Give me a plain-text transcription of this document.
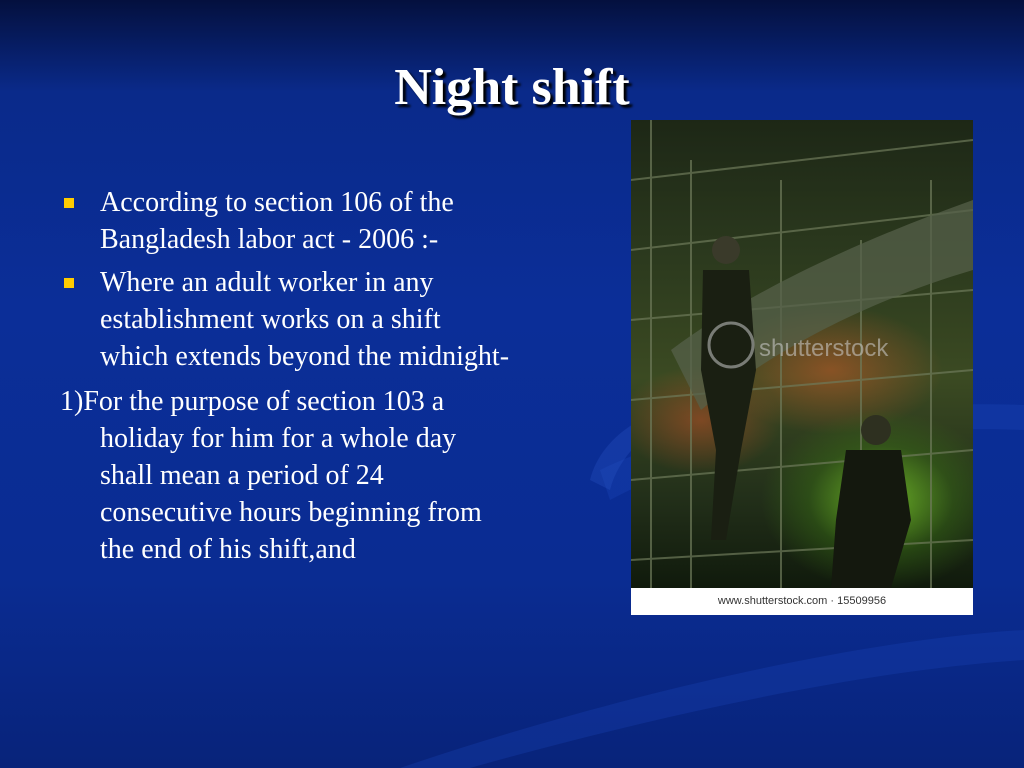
Night shift
According to section 106 of the Bangladesh labor act - 2006 :-
Where an adult worker in any establishment works on a shift which extends beyond the midnight-
1)For the purpose of section 103 a holiday for him for a whole day shall mean a period of 24 consecutive hours beginning from the end of his shift,and
shutterstock
www.shutterstock.com · 15509956
